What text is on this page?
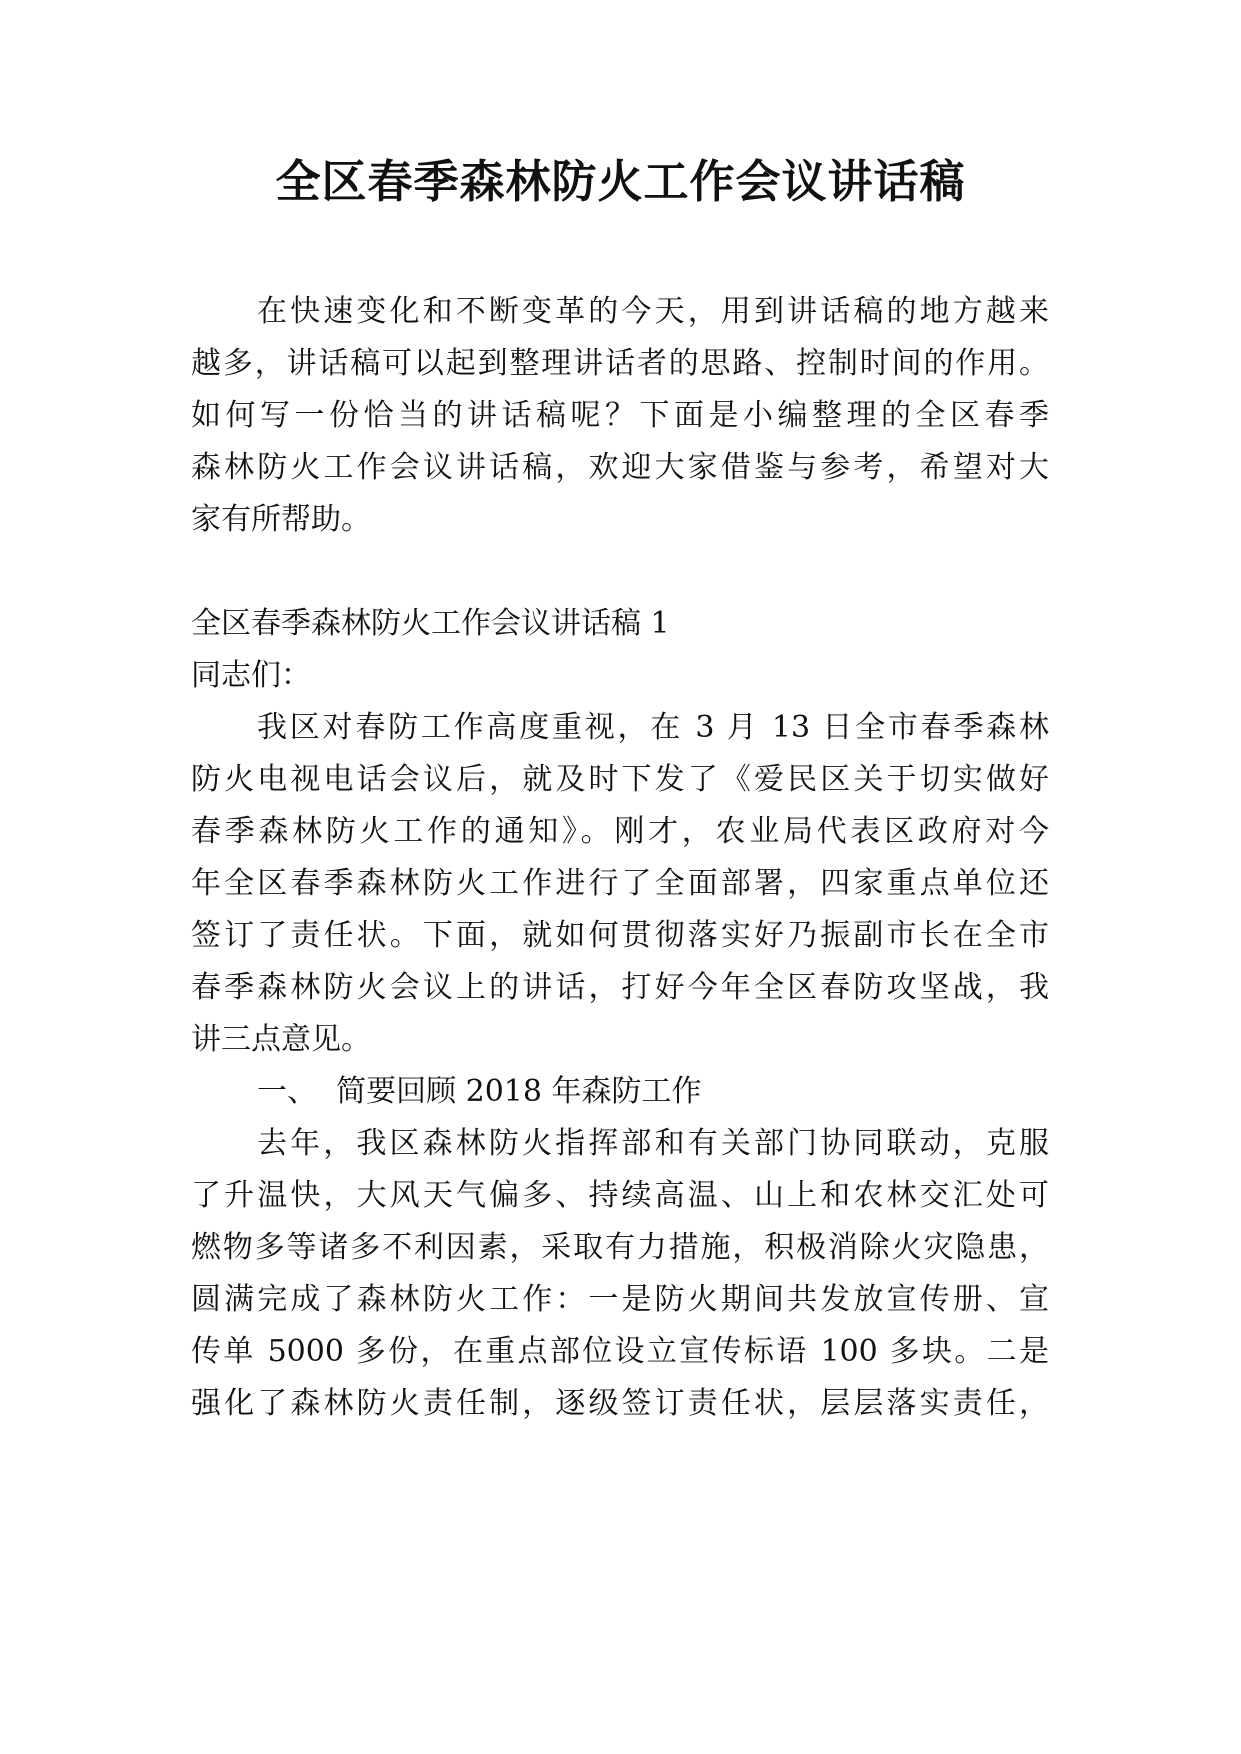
全区春季森林防火工作会议讲话稿

在快速变化和不断变革的今天，用到讲话稿的地方越来

越多，讲话稿可以起到整理讲话者的思路、控制时间的作用。
如何写一份恰当的讲话稿呢？下面是小编整理的全区春季
森林防火工作会议讲话稿，欢迎大家借鉴与参考，希望对大
家有所帮助。

全区春季森林防火工作会议讲话稿 1

同志们：

我区对春防工作高度重视，在 3 月 13 日全市春季森林

防火电视电话会议后，就及时下发了《爱民区关于切实做好
春季森林防火工作的通知》。刚才，农业局代表区政府对今
年全区春季森林防火工作进行了全面部署，四家重点单位还
签订了责任状。下面，就如何贯彻落实好乃振副市长在全市
春季森林防火会议上的讲话，打好今年全区春防攻坚战，我
讲三点意见。

一、  简要回顾 2018 年森防工作

去年，我区森林防火指挥部和有关部门协同联动，克服

了升温快，大风天气偏多、持续高温、山上和农林交汇处可
燃物多等诸多不利因素，采取有力措施，积极消除火灾隐患，
圆满完成了森林防火工作：一是防火期间共发放宣传册、宣
传单 5000 多份，在重点部位设立宣传标语 100 多块。二是
强化了森林防火责任制，逐级签订责任状，层层落实责任，
